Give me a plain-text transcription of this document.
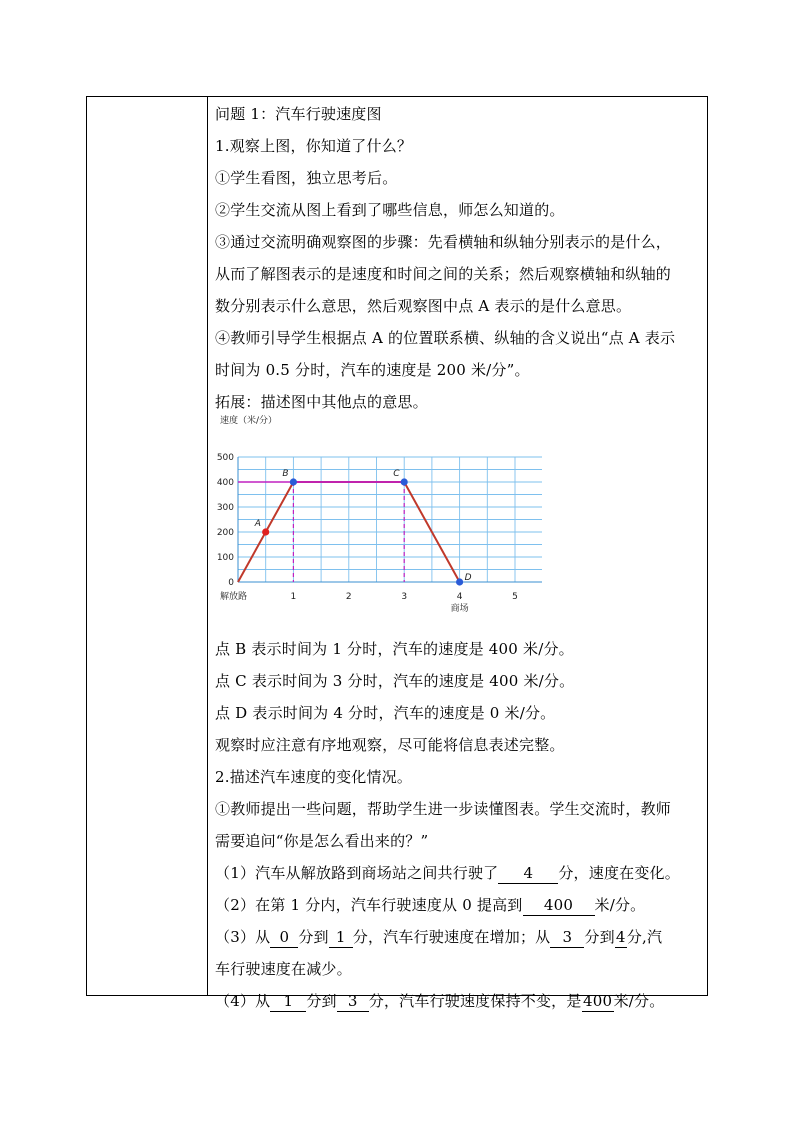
问题 1：汽车行驶速度图
1.观察上图，你知道了什么？
①学生看图，独立思考后。
②学生交流从图上看到了哪些信息，师怎么知道的。
③通过交流明确观察图的步骤：先看横轴和纵轴分别表示的是什么，
从而了解图表示的是速度和时间之间的关系；然后观察横轴和纵轴的
数分别表示什么意思，然后观察图中点 A 表示的是什么意思。
④教师引导学生根据点 A 的位置联系横、纵轴的含义说出“点 A 表示
时间为 0.5 分时，汽车的速度是 200 米/分”。
拓展：描述图中其他点的意思。
点 B 表示时间为 1 分时，汽车的速度是 400 米/分。
点 C 表示时间为 3 分时，汽车的速度是 400 米/分。
点 D 表示时间为 4 分时，汽车的速度是 0 米/分。
观察时应注意有序地观察，尽可能将信息表述完整。
2.描述汽车速度的变化情况。
①教师提出一些问题，帮助学生进一步读懂图表。学生交流时，教师
需要追问“你是怎么看出来的？”
（1）汽车从解放路到商场站之间共行驶了 4 分，速度在变化。
（2）在第 1 分内，汽车行驶速度从 0 提高到 400 米/分。
（3）从 0 分到 1 分，汽车行驶速度在增加；从 3 分到4分,汽
车行驶速度在减少。
（4）从 1 分到 3 分，汽车行驶速度保持不变，是400米/分。
速度（米/分）
0
100
200
300
400
500
1	2	3	4	5
解放路
商场
A
B	C
D
